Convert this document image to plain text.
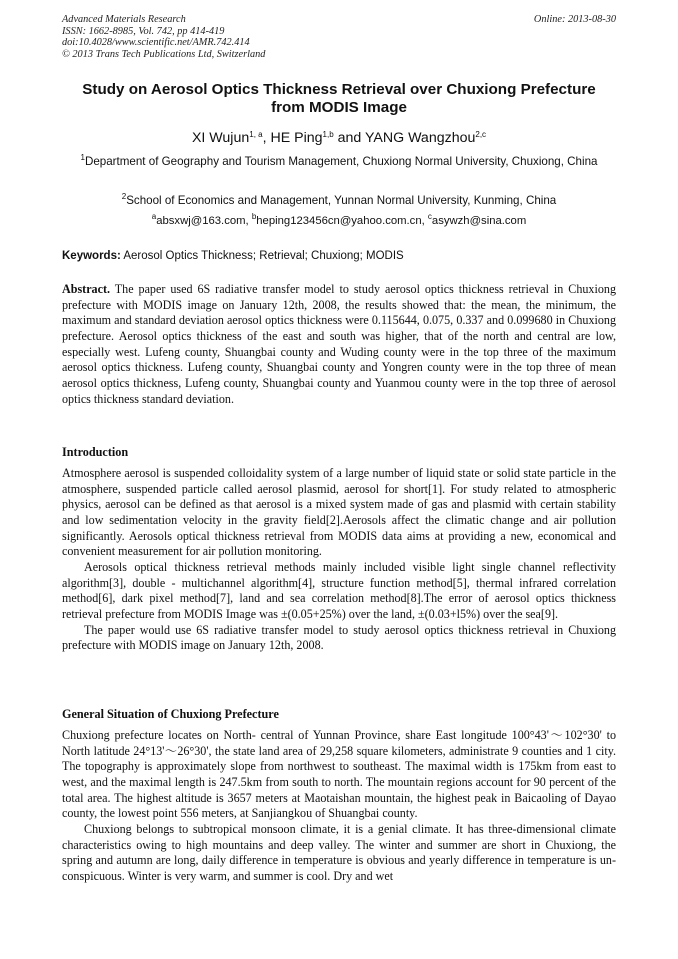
Advanced Materials Research
ISSN: 1662-8985, Vol. 742, pp 414-419
doi:10.4028/www.scientific.net/AMR.742.414
© 2013 Trans Tech Publications Ltd, Switzerland
Online: 2013-08-30
Study on Aerosol Optics Thickness Retrieval over Chuxiong Prefecture
from MODIS Image
XI Wujun$^{1, a}$, HE Ping$^{1,b}$ and YANG Wangzhou$^{2,c}$
$^1$Department of Geography and Tourism Management, Chuxiong Normal University, Chuxiong, China
$^2$School of Economics and Management, Yunnan Normal University, Kunming, China
$^a$absxwj@163.com, $^b$heping123456cn@yahoo.com.cn, $^c$asywzh@sina.com
Keywords: Aerosol Optics Thickness; Retrieval; Chuxiong; MODIS
Abstract. The paper used 6S radiative transfer model to study aerosol optics thickness retrieval in Chuxiong prefecture with MODIS image on January 12th, 2008, the results showed that: the mean, the minimum, the maximum and standard deviation aerosol optics thickness were 0.115644, 0.075, 0.337 and 0.099680 in Chuxiong prefecture. Aerosol optics thickness of the east and south was higher, that of the north and central are low, especially west. Lufeng county, Shuangbai county and Wuding county were in the top three of the maximum aerosol optics thickness. Lufeng county, Shuangbai county and Yongren county were in the top three of mean aerosol optics thickness, Lufeng county, Shuangbai county and Yuanmou county were in the top three of aerosol optics thickness standard deviation.
Introduction

Atmosphere aerosol is suspended colloidality system of a large number of liquid state or solid state particle in the atmosphere, suspended particle called aerosol plasmid, aerosol for short[1]. For study related to atmospheric physics, aerosol can be defined as that aerosol is a mixed system made of gas and plasmid with certain stability and low sedimentation velocity in the gravity field[2].Aerosols affect the climatic change and air pollution significantly. Aerosols optical thickness retrieval from MODIS data aims at providing a new, economical and convenient measurement for air pollution monitoring.

Aerosols optical thickness retrieval methods mainly included visible light single channel reflectivity algorithm[3], double - multichannel algorithm[4], structure function method[5], thermal infrared correlation method[6], dark pixel method[7], land and sea correlation method[8].The error of aerosol optics thickness retrieval prefecture from MODIS Image was ±(0.05+25%) over the land, ±(0.03+l5%) over the sea[9].

The paper would use 6S radiative transfer model to study aerosol optics thickness retrieval in Chuxiong prefecture with MODIS image on January 12th, 2008.

General Situation of Chuxiong Prefecture

Chuxiong prefecture locates on North- central of Yunnan Province, share East longitude 100°43'～102°30' to North latitude 24°13'～26°30', the state land area of 29,258 square kilometers, administrate 9 counties and 1 city. The topography is approximately slope from northwest to southeast. The maximal width is 175km from east to west, and the maximal length is 247.5km from south to north. The mountain regions account for 90 percent of the total area. The highest altitude is 3657 meters at Maotaishan mountain, the highest peak in Baicaoling of Dayao county, the lowest point 556 meters, at Sanjiangkou of Shuangbai county.

Chuxiong belongs to subtropical monsoon climate, it is a genial climate. It has three-dimensional climate characteristics owing to high mountains and deep valley. The winter and summer are short in Chuxiong, the spring and autumn are long, daily difference in temperature is obvious and yearly difference in temperature is un-conspicuous. Winter is very warm, and summer is cool. Dry and wet
